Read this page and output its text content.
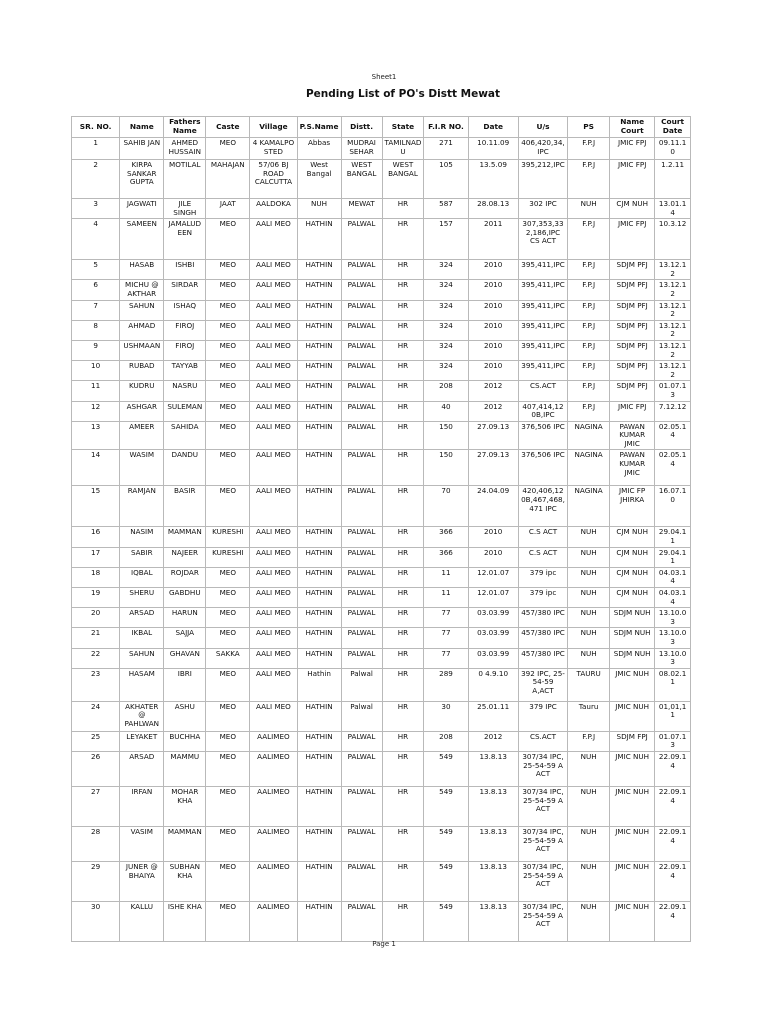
Sheet1
Pending List of PO's Distt Mewat
SR. NO.	Name	Fathers Name	Caste	Village	P.S.Name	Distt.	State	F.I.R NO.	Date	U/s	PS	Name Court	Court Date
1	SAHIB JAN	AHMED HUSSAIN	MEO	4 KAMALPO STED	Abbas	MUDRAI SEHAR	TAMILNADU	271	10.11.09	406,420,34,IPC	F.P.J	JMIC FPJ	09.11.10
2	KIRPA SANKAR GUPTA	MOTILAL	MAHAJAN	57/06 BJ ROAD CALCUTTA	West Bangal	WEST BANGAL	WEST BANGAL	105	13.5.09	395,212,IPC	F.P.J	JMIC FPJ	1.2.11
3	JAGWATI	JILE SINGH	JAAT	AALDOKA	NUH	MEWAT	HR	587	28.08.13	302 IPC	NUH	CJM NUH	13.01.14
4	SAMEEN	JAMALUDEEN	MEO	AALI MEO	HATHIN	PALWAL	HR	157	2011	307,353,332,186,IPC CS ACT	F.P.J	JMIC FPJ	10.3.12
5	HASAB	ISHBI	MEO	AALI MEO	HATHIN	PALWAL	HR	324	2010	395,411,IPC	F.P.J	SDJM PFJ	13.12.12
6	MICHU @ AKTHAR	SIRDAR	MEO	AALI MEO	HATHIN	PALWAL	HR	324	2010	395,411,IPC	F.P.J	SDJM PFJ	13.12.12
7	SAHUN	ISHAQ	MEO	AALI MEO	HATHIN	PALWAL	HR	324	2010	395,411,IPC	F.P.J	SDJM PFJ	13.12.12
8	AHMAD	FIROJ	MEO	AALI MEO	HATHIN	PALWAL	HR	324	2010	395,411,IPC	F.P.J	SDJM PFJ	13.12.12
9	USHMAAN	FIROJ	MEO	AALI MEO	HATHIN	PALWAL	HR	324	2010	395,411,IPC	F.P.J	SDJM PFJ	13.12.12
10	RUBAD	TAYYAB	MEO	AALI MEO	HATHIN	PALWAL	HR	324	2010	395,411,IPC	F.P.J	SDJM PFJ	13.12.12
11	KUDRU	NASRU	MEO	AALI MEO	HATHIN	PALWAL	HR	208	2012	CS.ACT	F.P.J	SDJM PFJ	01.07.13
12	ASHGAR	SULEMAN	MEO	AALI MEO	HATHIN	PALWAL	HR	40	2012	407,414,120B,IPC	F.P.J	JMIC FPJ	7.12.12
13	AMEER	SAHIDA	MEO	AALI MEO	HATHIN	PALWAL	HR	150	27.09.13	376,506 IPC	NAGINA	PAWAN KUMAR JMIC	02.05.14
14	WASIM	DANDU	MEO	AALI MEO	HATHIN	PALWAL	HR	150	27.09.13	376,506 IPC	NAGINA	PAWAN KUMAR JMIC	02.05.14
15	RAMJAN	BASIR	MEO	AALI MEO	HATHIN	PALWAL	HR	70	24.04.09	420,406,120B,467,468,471 IPC	NAGINA	JMIC FP JHIRKA	16.07.10
16	NASIM	MAMMAN	KURESHI	AALI MEO	HATHIN	PALWAL	HR	366	2010	C.S ACT	NUH	CJM NUH	29.04.11
17	SABIR	NAJEER	KURESHI	AALI MEO	HATHIN	PALWAL	HR	366	2010	C.S ACT	NUH	CJM NUH	29.04.11
18	IQBAL	ROJDAR	MEO	AALI MEO	HATHIN	PALWAL	HR	11	12.01.07	379 ipc	NUH	CJM NUH	04.03.14
19	SHERU	GABDHU	MEO	AALI MEO	HATHIN	PALWAL	HR	11	12.01.07	379 ipc	NUH	CJM NUH	04.03.14
20	ARSAD	HARUN	MEO	AALI MEO	HATHIN	PALWAL	HR	77	03.03.99	457/380 IPC	NUH	SDJM NUH	13.10.03
21	IKBAL	SAJJA	MEO	AALI MEO	HATHIN	PALWAL	HR	77	03.03.99	457/380 IPC	NUH	SDJM NUH	13.10.03
22	SAHUN	GHAVAN	SAKKA	AALI MEO	HATHIN	PALWAL	HR	77	03.03.99	457/380 IPC	NUH	SDJM NUH	13.10.03
23	HASAM	IBRI	MEO	AALI MEO	Hathin	Palwal	HR	289	0 4.9.10	392 IPC, 25-54-59 A,ACT	TAURU	JMIC NUH	08.02.11
24	AKHATER @ PAHLWAN	ASHU	MEO	AALI MEO	HATHIN	Palwal	HR	30	25.01.11	379 IPC	Tauru	JMIC NUH	01,01,11
25	LEYAKET	BUCHHA	MEO	AALIMEO	HATHIN	PALWAL	HR	208	2012	CS.ACT	F.P.J	SDJM FPJ	01.07.13
26	ARSAD	MAMMU	MEO	AALIMEO	HATHIN	PALWAL	HR	549	13.8.13	307/34 IPC, 25-54-59 A ACT	NUH	JMIC NUH	22.09.14
27	IRFAN	MOHAR KHA	MEO	AALIMEO	HATHIN	PALWAL	HR	549	13.8.13	307/34 IPC, 25-54-59 A ACT	NUH	JMIC NUH	22.09.14
28	VASIM	MAMMAN	MEO	AALIMEO	HATHIN	PALWAL	HR	549	13.8.13	307/34 IPC, 25-54-59 A ACT	NUH	JMIC NUH	22.09.14
29	JUNER @ BHAIYA	SUBHAN KHA	MEO	AALIMEO	HATHIN	PALWAL	HR	549	13.8.13	307/34 IPC, 25-54-59 A ACT	NUH	JMIC NUH	22.09.14
30	KALLU	ISHE KHA	MEO	AALIMEO	HATHIN	PALWAL	HR	549	13.8.13	307/34 IPC, 25-54-59 A ACT	NUH	JMIC NUH	22.09.14
Page 1
